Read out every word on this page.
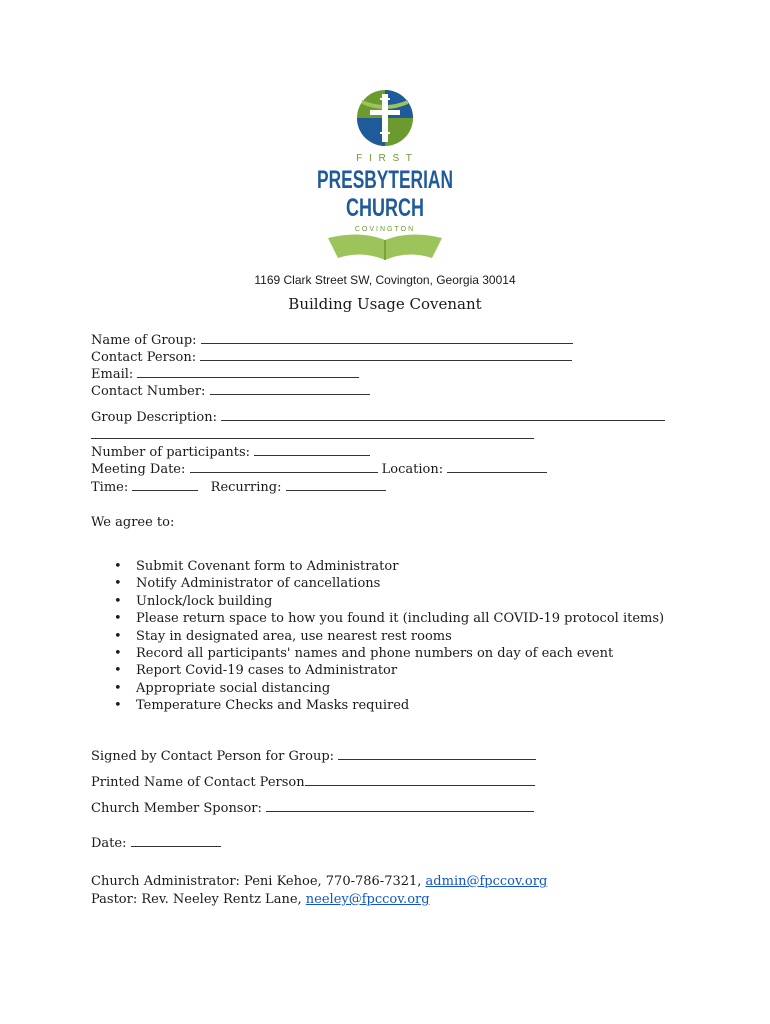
F I R S T
PRESBYTERIAN
CHURCH
COVINGTON
1169 Clark Street SW, Covington, Georgia 30014
Building Usage Covenant
Name of Group:
Contact Person:
Email:
Contact Number:
Group Description:
Number of participants:
Meeting Date:	Location:
Time:	Recurring:
We agree to:
• Submit Covenant form to Administrator
• Notify Administrator of cancellations
• Unlock/lock building
• Please return space to how you found it (including all COVID-19 protocol items)
• Stay in designated area, use nearest rest rooms
• Record all participants' names and phone numbers on day of each event
• Report Covid-19 cases to Administrator
• Appropriate social distancing
• Temperature Checks and Masks required
Signed by Contact Person for Group:
Printed Name of Contact Person
Church Member Sponsor:
Date:
Church Administrator: Peni Kehoe, 770-786-7321, admin@fpccov.org
Pastor: Rev. Neeley Rentz Lane, neeley@fpccov.org
